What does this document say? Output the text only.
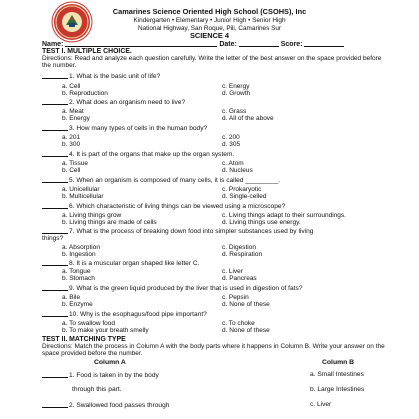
Camarines Science Oriented High School (CSOHS), Inc
Kindergarten • Elementary • Junior High • Senior High
National Highway, San Roque, Pili, Camarines Sur
SCIENCE 4
Name:	Date:	Score:
TEST I. MULTIPLE CHOICE.
Directions: Read and analyze each question carefully. Write the letter of the best answer on the space provided before the number.
1. What is the basic unit of life?
a. Cell
b. Reproduction
c. Energy
d. Growth
2. What does an organism need to live?
a. Meat
b. Energy
c. Grass
d. All of the above
3. How many types of cells in the human body?
a. 201
b. 300
c. 200
d. 305
4. It is part of the organs that make up the organ system.
a. Tissue
b. Cell
c. Atom
d. Nucleus
5. When an organism is composed of many cells, it is called _________.
a. Unicellular
b. Multicellular
c. Prokaryotic
d. Single-celled
6. Which characteristic of living things can be viewed using a microscope?
a. Living things grow
b. Living things are made of cells
c. Living things adapt to their surroundings.
d. Living things use energy.
7. What is the process of breaking down food into simpler substances used by living
things?
a. Absorption
b. Ingestion
c. Digestion
d. Respiration
8. It is a muscular organ shaped like letter C.
a. Tongue
b. Stomach
c. Liver
d. Pancreas
9. What is the green liquid produced by the liver that is used in digestion of fats?
a. Bile
b. Enzyme
c. Pepsin
d. None of these
10. Why is the esophagus/food pipe important?
a. To swallow food
b. To make your breath smelly
c. To choke
d. None of these
TEST II. MATCHING TYPE
Directions: Match the process in Column A with the body parts where it happens in Column B. Write your answer on the space provided before the number.
Column A	Column B
1. Food is taken in by the body	a. Small Intestines
through this part.	b. Large Intestines
2. Swallowed food passes through	c. Liver
